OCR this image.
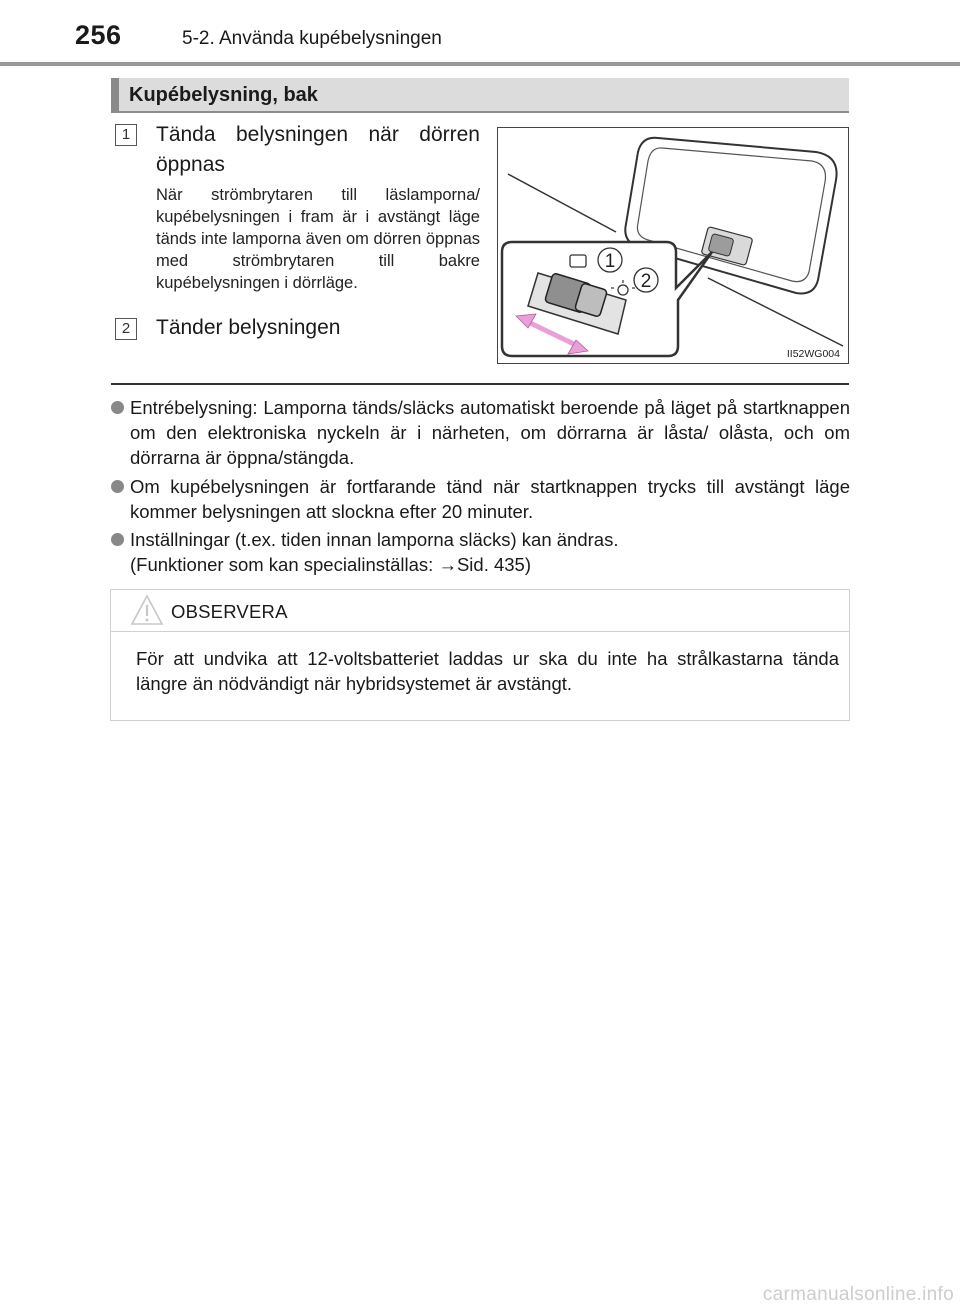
256	5-2. Använda kupébelysningen
Kupébelysning, bak
1	Tända belysningen när dörren öppnas
När strömbrytaren till läslamporna/ kupébelysningen i fram är i avstängt läge tänds inte lamporna även om dörren öppnas med strömbrytaren till bakre kupébelysningen i dörrläge.
2	Tänder belysningen
1
2
II52WG004
Entrébelysning: Lamporna tänds/släcks automatiskt beroende på läget på startknappen om den elektroniska nyckeln är i närheten, om dörrarna är låsta/ olåsta, och om dörrarna är öppna/stängda.
Om kupébelysningen är fortfarande tänd när startknappen trycks till avstängt läge kommer belysningen att slockna efter 20 minuter.
Inställningar (t.ex. tiden innan lamporna släcks) kan ändras.
(Funktioner som kan specialinställas: →Sid. 435)
OBSERVERA
För att undvika att 12-voltsbatteriet laddas ur ska du inte ha strålkastarna tända längre än nödvändigt när hybridsystemet är avstängt.
carmanualsonline.info
